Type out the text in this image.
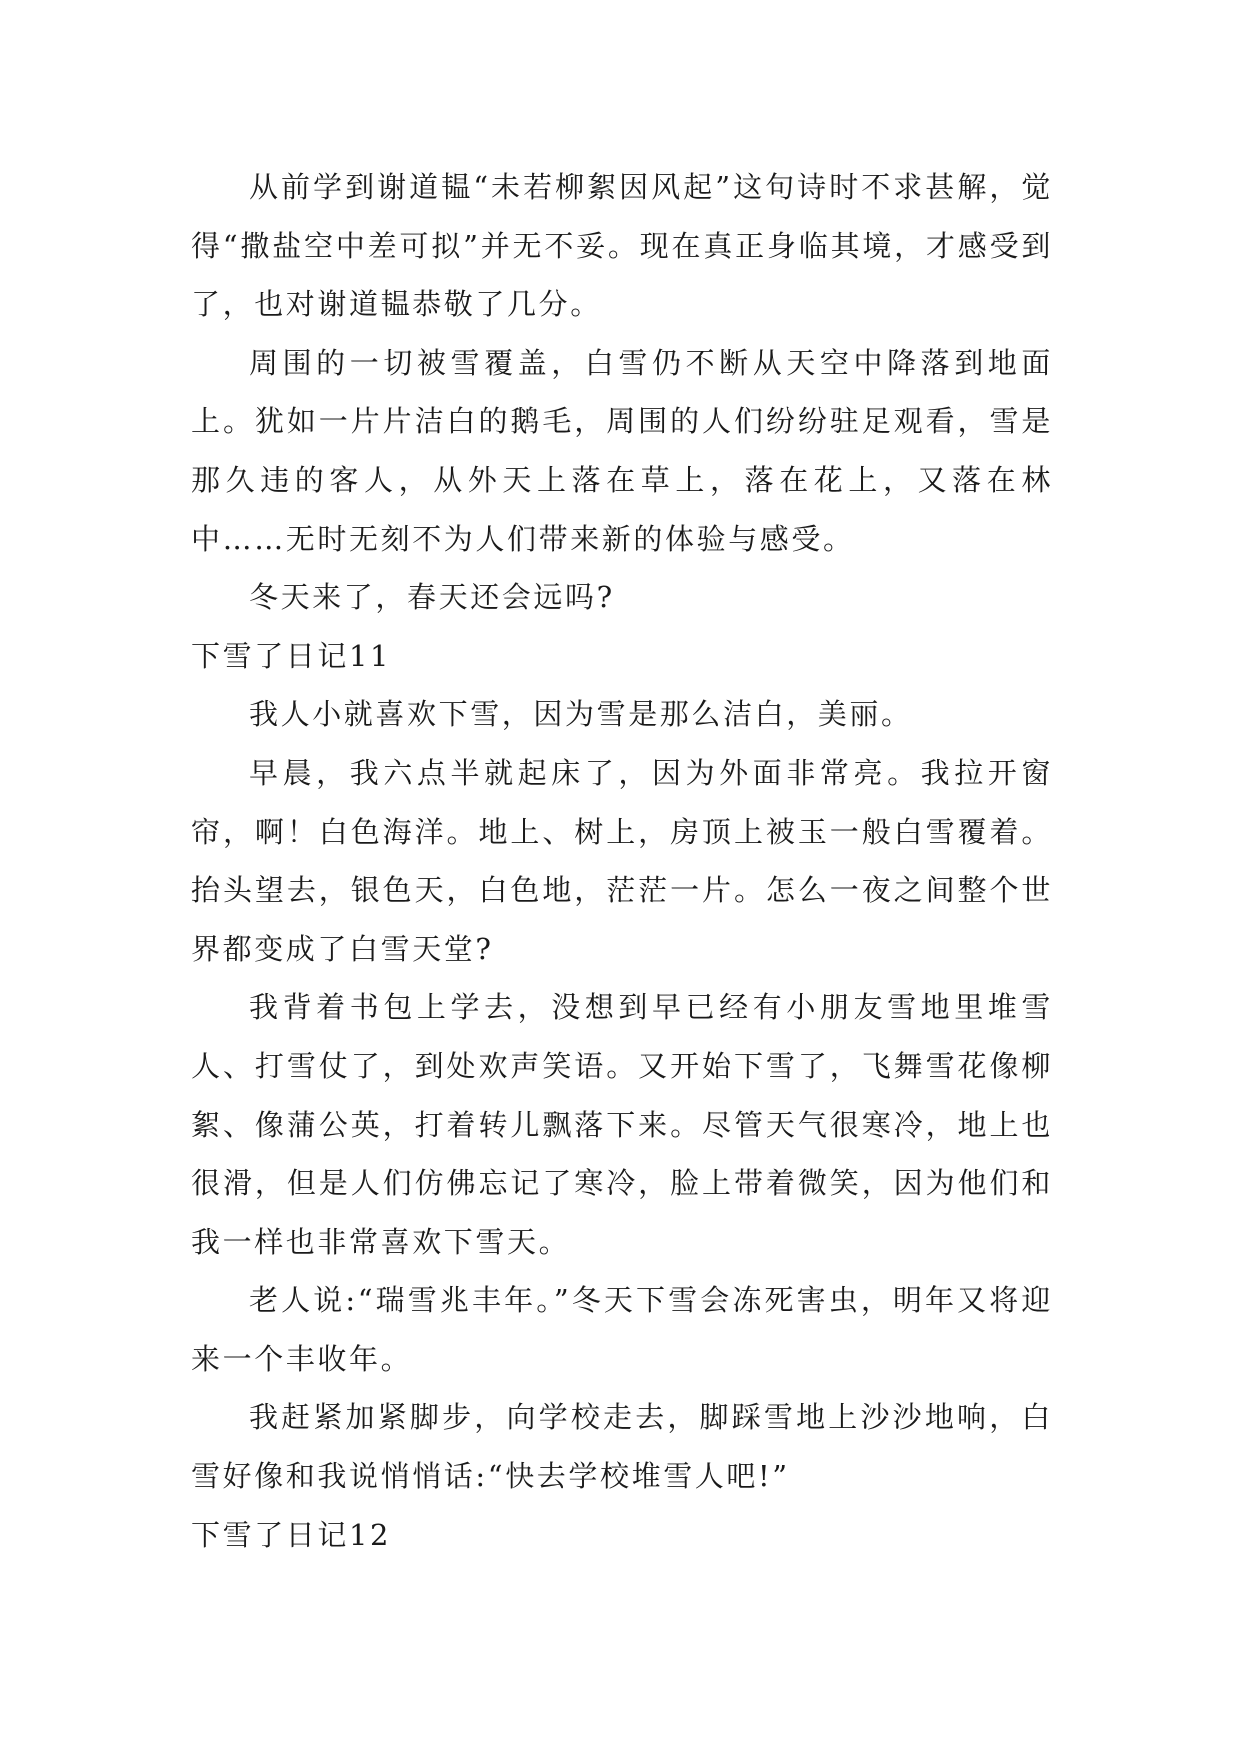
从前学到谢道韫“未若柳絮因风起”这句诗时不求甚解，觉得“撒盐空中差可拟”并无不妥。现在真正身临其境，才感受到了，也对谢道韫恭敬了几分。

周围的一切被雪覆盖，白雪仍不断从天空中降落到地面上。犹如一片片洁白的鹅毛，周围的人们纷纷驻足观看，雪是那久违的客人，从外天上落在草上，落在花上，又落在林中……无时无刻不为人们带来新的体验与感受。

冬天来了，春天还会远吗?

下雪了日记11

我人小就喜欢下雪，因为雪是那么洁白，美丽。

早晨，我六点半就起床了，因为外面非常亮。我拉开窗帘，啊！白色海洋。地上、树上，房顶上被玉一般白雪覆着。抬头望去，银色天，白色地，茫茫一片。怎么一夜之间整个世界都变成了白雪天堂?

我背着书包上学去，没想到早已经有小朋友雪地里堆雪人、打雪仗了，到处欢声笑语。又开始下雪了，飞舞雪花像柳絮、像蒲公英，打着转儿飘落下来。尽管天气很寒冷，地上也很滑，但是人们仿佛忘记了寒冷，脸上带着微笑，因为他们和我一样也非常喜欢下雪天。

老人说:“瑞雪兆丰年。”冬天下雪会冻死害虫，明年又将迎来一个丰收年。

我赶紧加紧脚步，向学校走去，脚踩雪地上沙沙地响，白雪好像和我说悄悄话:“快去学校堆雪人吧!”

下雪了日记12
